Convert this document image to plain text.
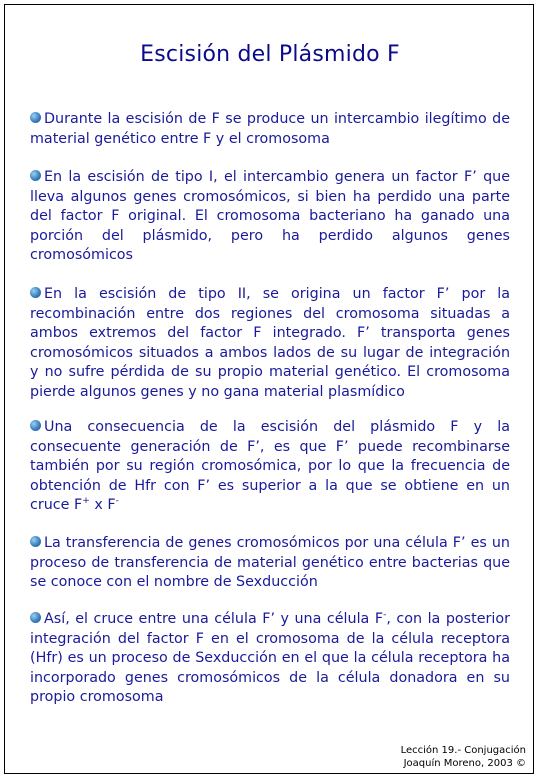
Escisión del Plásmido F
Durante la escisión de F se produce un intercambio ilegítimo de material genético entre F y el cromosoma
En la escisión de tipo I, el intercambio genera un factor F’ que lleva algunos genes cromosómicos, si bien ha perdido una parte del factor F original. El cromosoma bacteriano ha ganado una porción del plásmido, pero ha perdido algunos genes cromosómicos
En la escisión de tipo II, se origina un factor F’ por la recombinación entre dos regiones del cromosoma situadas a ambos extremos del factor F integrado. F’ transporta genes cromosómicos situados a ambos lados de su lugar de integración y no sufre pérdida de su propio material genético. El cromosoma pierde algunos genes y no gana material plasmídico
Una consecuencia de la escisión del plásmido F y la consecuente generación de F’, es que F’ puede recombinarse también por su región cromosómica, por lo que la frecuencia de obtención de Hfr con F’ es superior a la que se obtiene en un cruce F+ x F-
La transferencia de genes cromosómicos por una célula F’ es un proceso de transferencia de material genético entre bacterias que se conoce con el nombre de Sexducción
Así, el cruce entre una célula F’ y una célula F-, con la posterior integración del factor F en el cromosoma de la célula receptora (Hfr) es un proceso de Sexducción en el que la célula receptora ha incorporado genes cromosómicos de la célula donadora en su propio cromosoma
Lección 19.- Conjugación
Joaquín Moreno, 2003 ©
